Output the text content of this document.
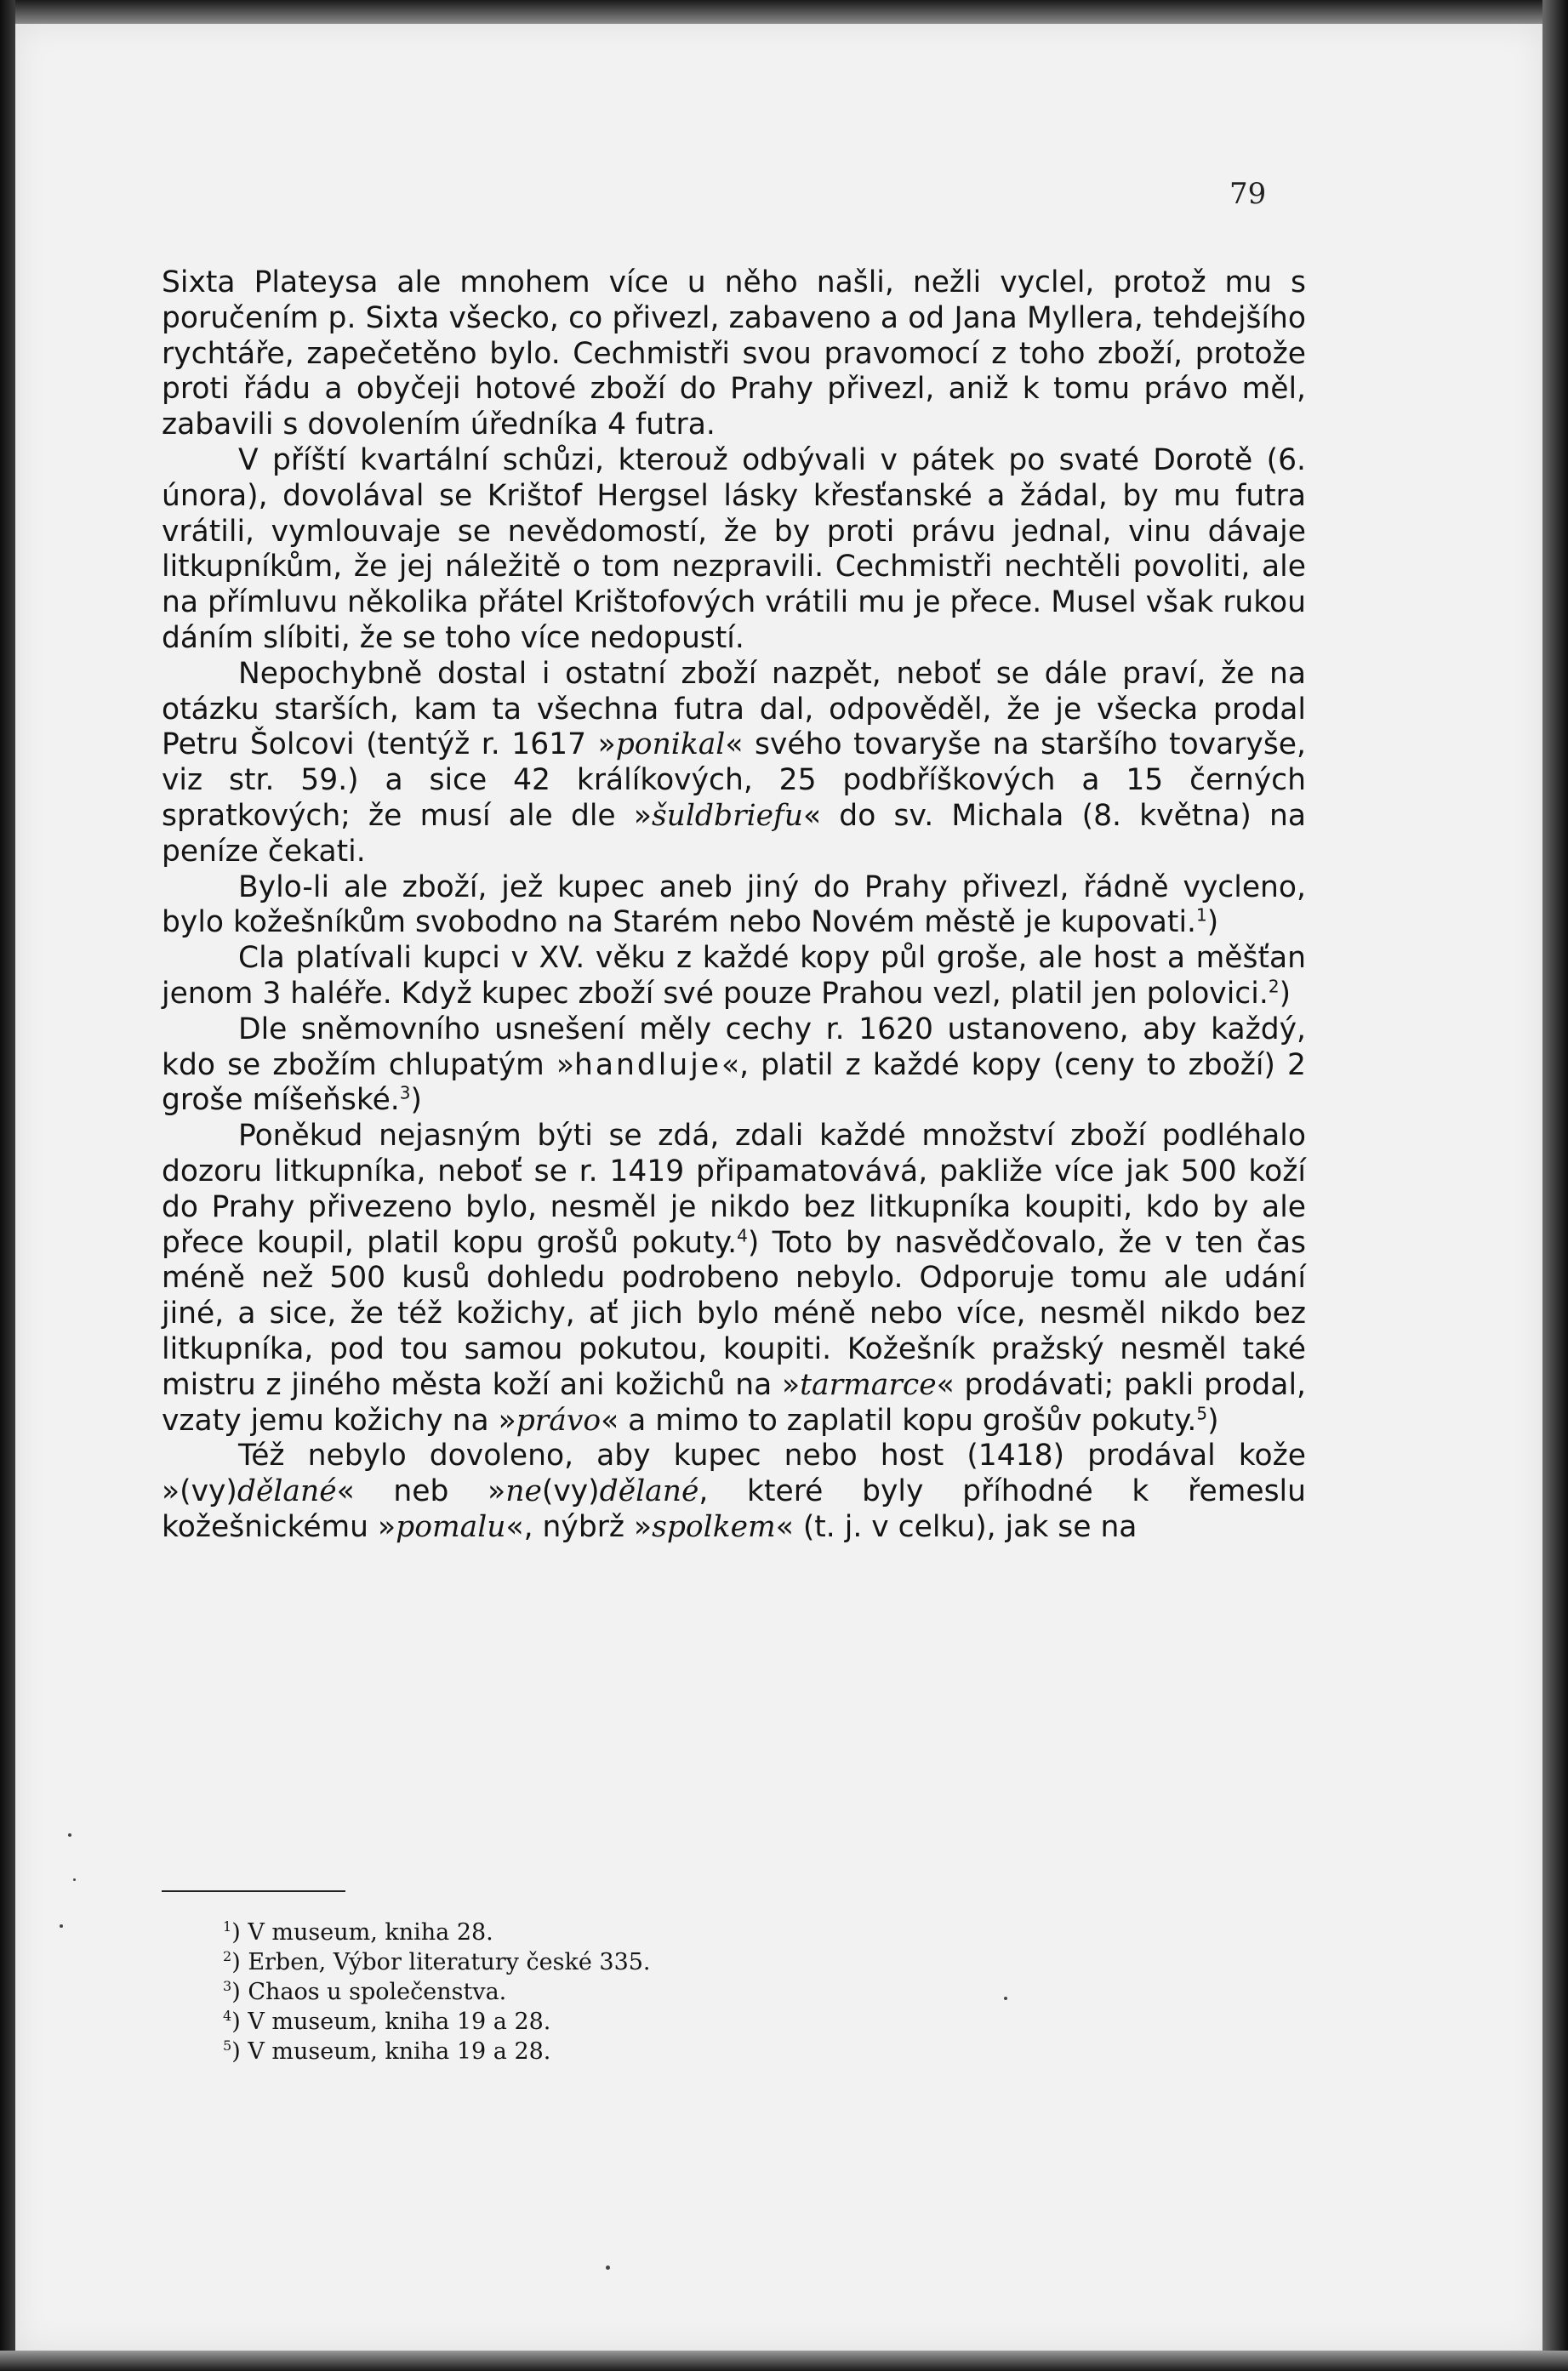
79

Sixta Plateysa ale mnohem více u něho našli, nežli vyclel, protož mu s poručením p. Sixta všecko, co přivezl, zabaveno a od Jana Myllera, tehdejšího rychtáře, zapečetěno bylo. Cechmistři svou pravomocí z toho zboží, protože proti řádu a obyčeji hotové zboží do Prahy přivezl, aniž k tomu právo měl, zabavili s dovolením úředníka 4 futra.

V příští kvartální schůzi, kterouž odbývali v pátek po svaté Dorotě (6. února), dovolával se Krištof Hergsel lásky křesťanské a žádal, by mu futra vrátili, vymlouvaje se nevědomostí, že by proti právu jednal, vinu dávaje litkupníkům, že jej náležitě o tom nezpravili. Cechmistři nechtěli povoliti, ale na přímluvu několika přátel Krištofových vrátili mu je přece. Musel však rukou dáním slíbiti, že se toho více nedopustí.

Nepochybně dostal i ostatní zboží nazpět, neboť se dále praví, že na otázku starších, kam ta všechna futra dal, odpověděl, že je všecka prodal Petru Šolcovi (tentýž r. 1617 »ponikal« svého tovaryše na staršího tovaryše, viz str. 59.) a sice 42 králíkových, 25 podbříškových a 15 černých spratkových; že musí ale dle »šuldbriefu« do sv. Michala (8. května) na peníze čekati.

Bylo-li ale zboží, jež kupec aneb jiný do Prahy přivezl, řádně vycleno, bylo kožešníkům svobodno na Starém nebo Novém městě je kupovati.$^1$)

Cla platívali kupci v XV. věku z každé kopy půl groše, ale host a měšťan jenom 3 haléře. Když kupec zboží své pouze Prahou vezl, platil jen polovici.$^2$)

Dle sněmovního usnešení měly cechy r. 1620 ustanoveno, aby každý, kdo se zbožím chlupatým »handluje«, platil z každé kopy (ceny to zboží) 2 groše míšeňské.$^3$)

Poněkud nejasným býti se zdá, zdali každé množství zboží podléhalo dozoru litkupníka, neboť se r. 1419 připamatovává, pakliže více jak 500 koží do Prahy přivezeno bylo, nesměl je nikdo bez litkupníka koupiti, kdo by ale přece koupil, platil kopu grošů pokuty.$^4$) Toto by nasvědčovalo, že v ten čas méně než 500 kusů dohledu podrobeno nebylo. Odporuje tomu ale udání jiné, a sice, že též kožichy, ať jich bylo méně nebo více, nesměl nikdo bez litkupníka, pod tou samou pokutou, koupiti. Kožešník pražský nesměl také mistru z jiného města koží ani kožichů na »tarmarce« prodávati; pakli prodal, vzaty jemu kožichy na »právo« a mimo to zaplatil kopu grošův pokuty.$^5$)

Též nebylo dovoleno, aby kupec nebo host (1418) prodával kože »(vy)dělané« neb »ne(vy)dělané, které byly příhodné k řemeslu kožešnickému »pomalu«, nýbrž »spolkem« (t. j. v celku), jak se na

$^1$) V museum, kniha 28.
$^2$) Erben, Výbor literatury české 335.
$^3$) Chaos u společenstva.
$^4$) V museum, kniha 19 a 28.
$^5$) V museum, kniha 19 a 28.
